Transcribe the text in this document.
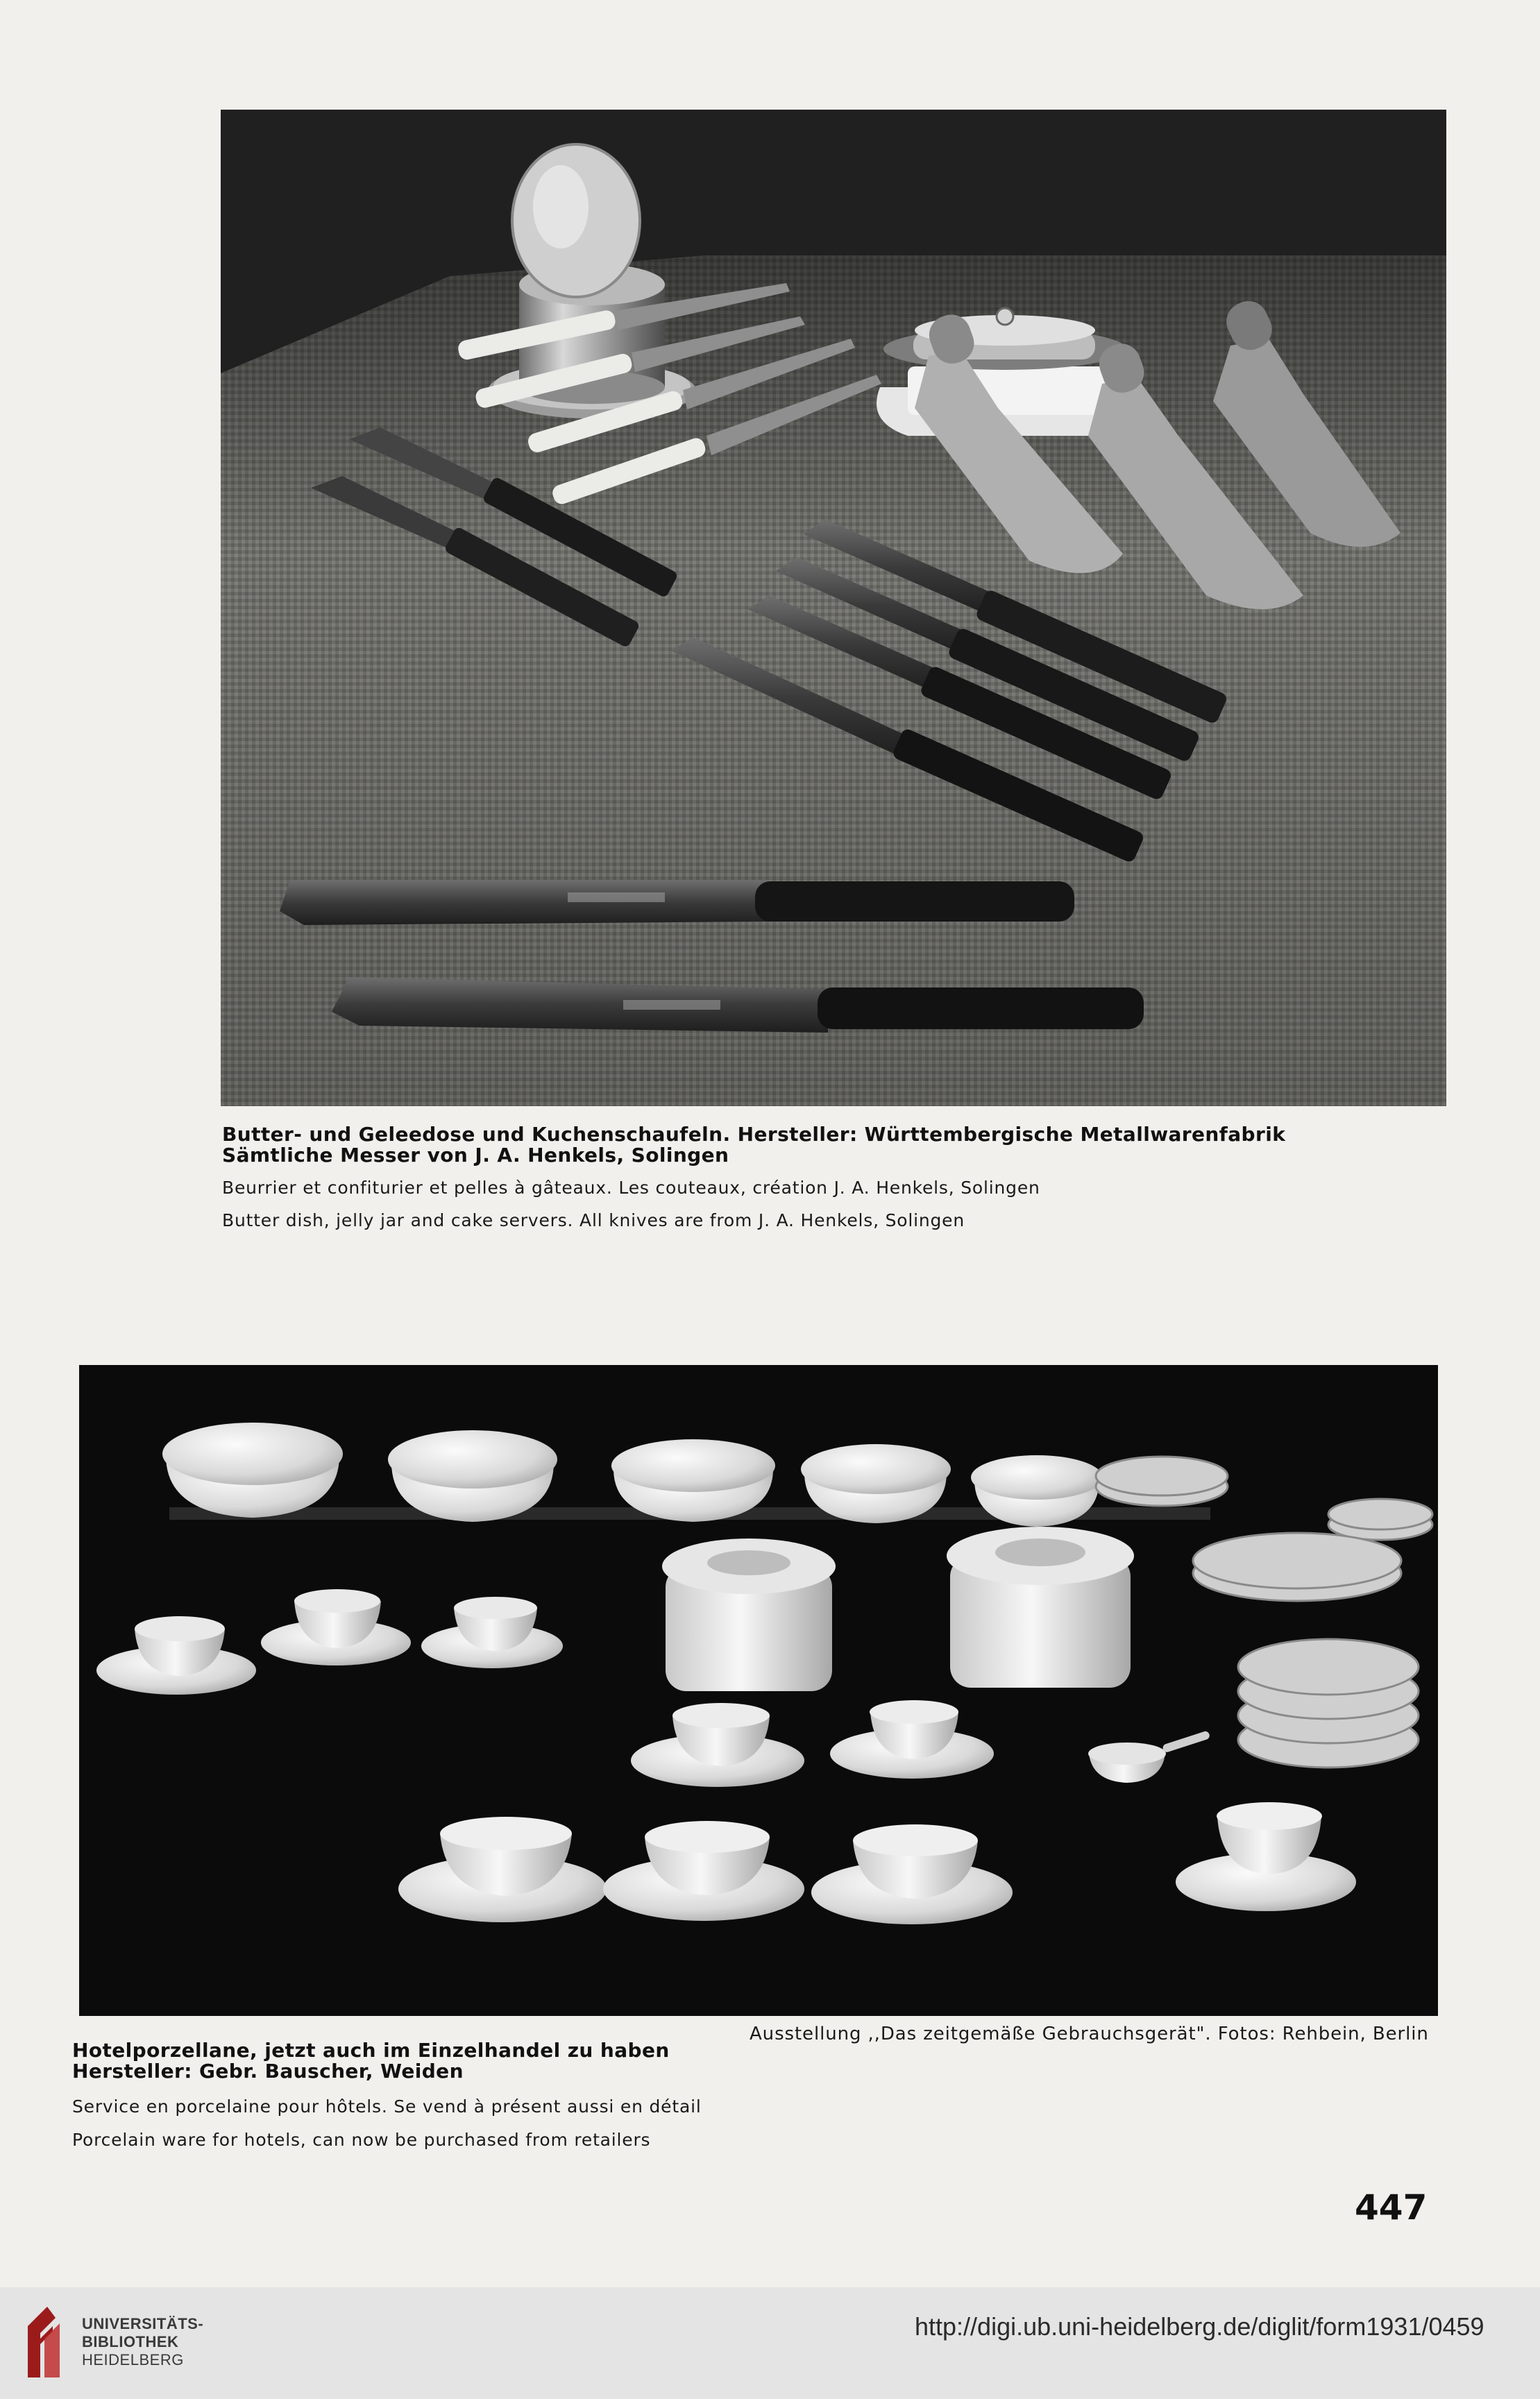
Butter- und Geleedose und Kuchenschaufeln. Hersteller: Württembergische Metallwarenfabrik
Sämtliche Messer von J. A. Henkels, Solingen
Beurrier et confiturier et pelles à gâteaux. Les couteaux, création J. A. Henkels, Solingen
Butter dish, jelly jar and cake servers. All knives are from J. A. Henkels, Solingen
Ausstellung ,,Das zeitgemäße Gebrauchsgerät". Fotos: Rehbein, Berlin
Hotelporzellane, jetzt auch im Einzelhandel zu haben
Hersteller: Gebr. Bauscher, Weiden
Service en porcelaine pour hôtels. Se vend à présent aussi en détail
Porcelain ware for hotels, can now be purchased from retailers
447
UNIVERSITÄTS-
BIBLIOTHEK
HEIDELBERG
http://digi.ub.uni-heidelberg.de/diglit/form1931/0459
